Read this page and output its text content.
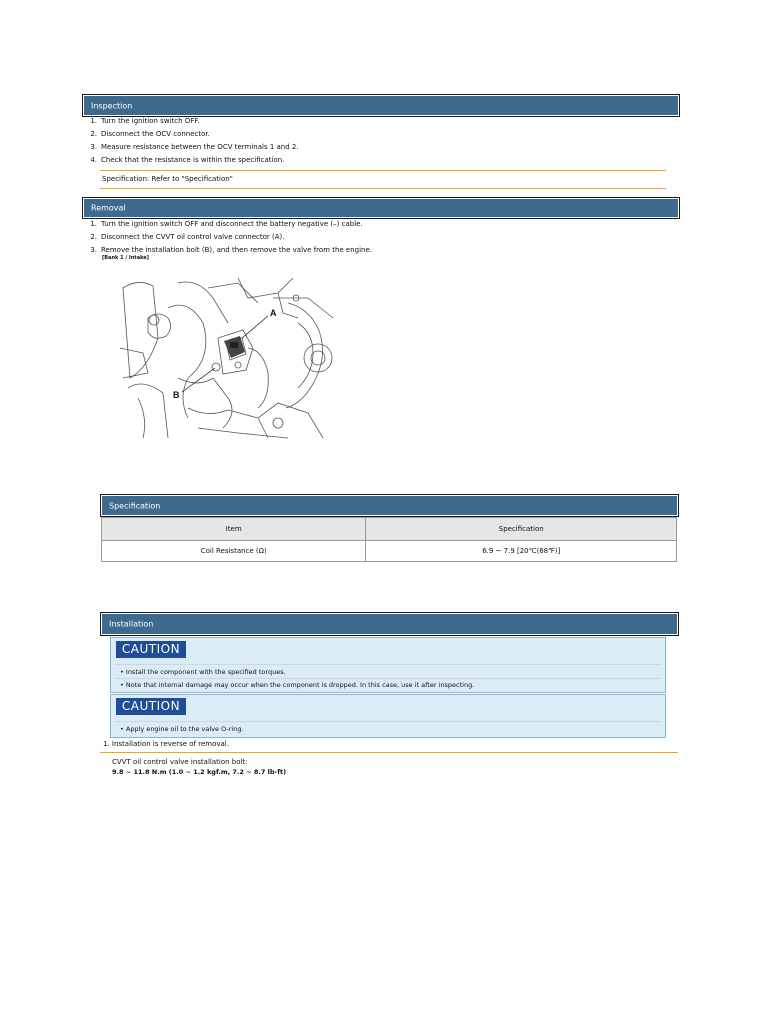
Inspection
1. Turn the ignition switch OFF.
2. Disconnect the OCV connector.
3. Measure resistance between the OCV terminals 1 and 2.
4. Check that the resistance is within the specification.
Specification: Refer to "Specification"
Removal
1. Turn the ignition switch OFF and disconnect the battery negative (–) cable.
2. Disconnect the CVVT oil control valve connector (A).
3. Remove the installation bolt (B), and then remove the valve from the engine.
[Bank 1 / Intake]
A
B
Specification
Item	Specification
Coil Resistance (Ω)	6.9 ~ 7.9 [20℃(68℉)]
Installation
CAUTION
• Install the component with the specified torques.
• Note that internal damage may occur when the component is dropped. In this case, use it after inspecting.
CAUTION
• Apply engine oil to the valve O-ring.
1. Installation is reverse of removal.
CVVT oil control valve installation bolt:
9.8 ~ 11.8 N.m (1.0 ~ 1.2 kgf.m, 7.2 ~ 8.7 lb-ft)
